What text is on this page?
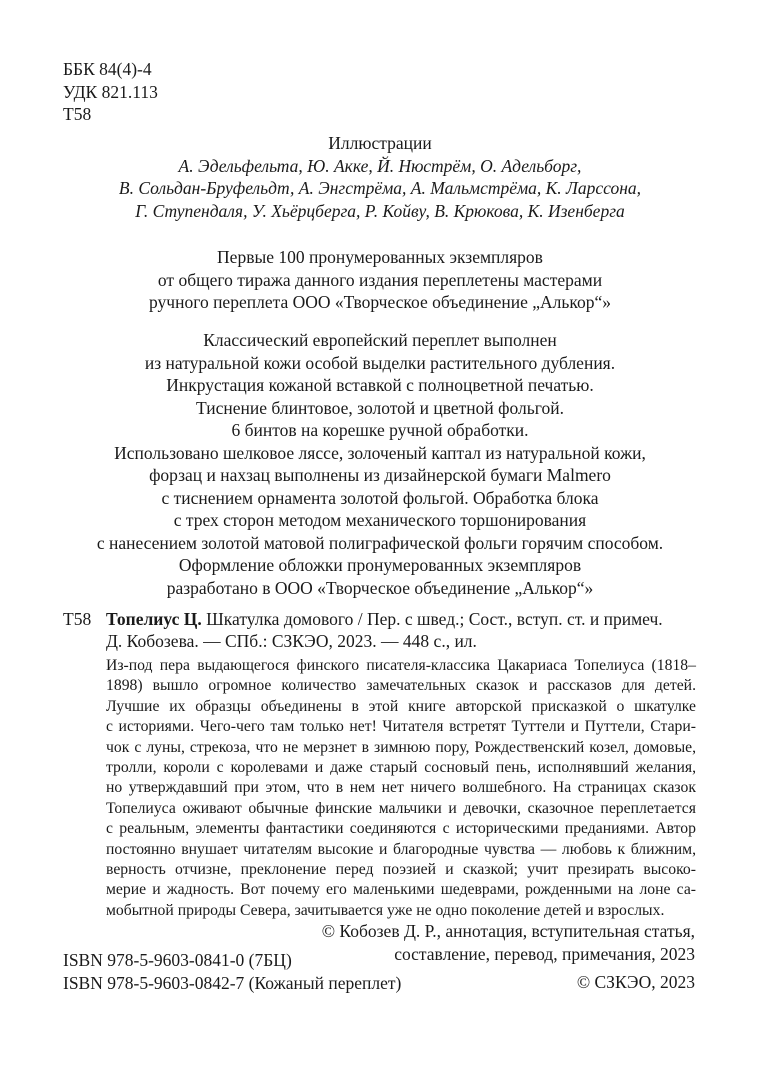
ББК 84(4)-4
УДК 821.113
Т58
Иллюстрации
А. Эдельфельта, Ю. Акке, Й. Нюстрём, О. Адельборг,
В. Сольдан-Бруфельдт, А. Энгстрёма, А. Мальмстрёма, К. Ларссона,
Г. Ступендаля, У. Хьёрцберга, Р. Койву, В. Крюкова, К. Изенберга
Первые 100 пронумерованных экземпляров
от общего тиража данного издания переплетены мастерами
ручного переплета ООО «Творческое объединение „Алькор“»
Классический европейский переплет выполнен
из натуральной кожи особой выделки растительного дубления.
Инкрустация кожаной вставкой с полноцветной печатью.
Тиснение блинтовое, золотой и цветной фольгой.
6 бинтов на корешке ручной обработки.
Использовано шелковое ляссе, золоченый каптал из натуральной кожи,
форзац и нахзац выполнены из дизайнерской бумаги Malmero
с тиснением орнамента золотой фольгой. Обработка блока
с трех сторон методом механического торшонирования
с нанесением золотой матовой полиграфической фольги горячим способом.
Оформление обложки пронумерованных экземпляров
разработано в ООО «Творческое объединение „Алькор“»
Т58 Топелиус Ц. Шкатулка домового / Пер. с швед.; Сост., вступ. ст. и примеч.
Д. Кобозева. — СПб.: СЗКЭО, 2023. — 448 с., ил.
Из-под пера выдающегося финского писателя-классика Цакариаса Топелиуса (1818–
1898) вышло огромное количество замечательных сказок и рассказов для детей.
Лучшие их образцы объединены в этой книге авторской присказкой о шкатулке
с историями. Чего-чего там только нет! Читателя встретят Туттели и Путтели, Стари-
чок с луны, стрекоза, что не мерзнет в зимнюю пору, Рождественский козел, домовые,
тролли, короли с королевами и даже старый сосновый пень, исполнявший желания,
но утверждавший при этом, что в нем нет ничего волшебного. На страницах сказок
Топелиуса оживают обычные финские мальчики и девочки, сказочное переплетается
с реальным, элементы фантастики соединяются с историческими преданиями. Автор
постоянно внушает читателям высокие и благородные чувства — любовь к ближним,
верность отчизне, преклонение перед поэзией и сказкой; учит презирать высоко-
мерие и жадность. Вот почему его маленькими шедеврами, рожденными на лоне са-
мобытной природы Севера, зачитывается уже не одно поколение детей и взрослых.
© Кобозев Д. Р., аннотация, вступительная статья,
составление, перевод, примечания, 2023
ISBN 978-5-9603-0841-0 (7БЦ)
ISBN 978-5-9603-0842-7 (Кожаный переплет)	© СЗКЭО, 2023
